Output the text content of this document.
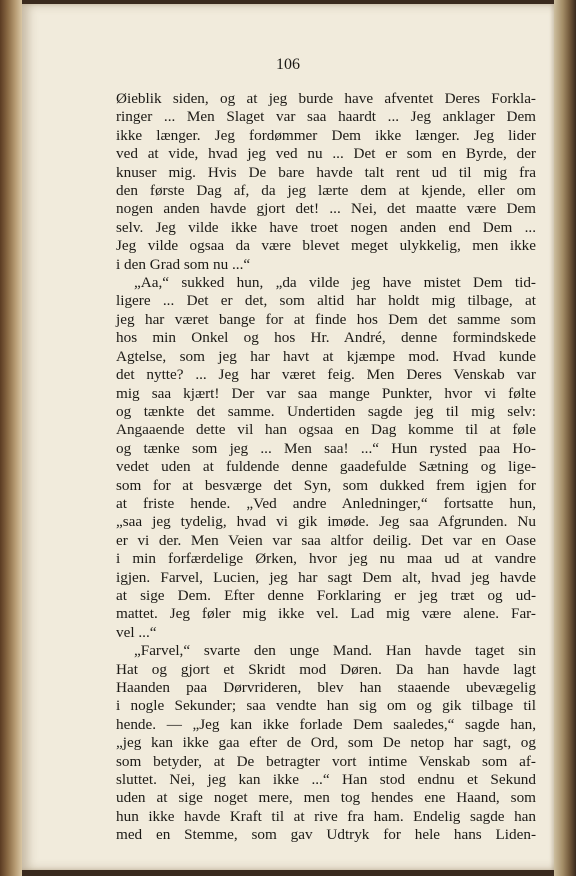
106
Øieblik siden, og at jeg burde have afventet Deres Forkla-
ringer ... Men Slaget var saa haardt ... Jeg anklager Dem
ikke længer. Jeg fordømmer Dem ikke længer. Jeg lider
ved at vide, hvad jeg ved nu ... Det er som en Byrde, der
knuser mig. Hvis De bare havde talt rent ud til mig fra
den første Dag af, da jeg lærte dem at kjende, eller om
nogen anden havde gjort det! ... Nei, det maatte være Dem
selv. Jeg vilde ikke have troet nogen anden end Dem ...
Jeg vilde ogsaa da være blevet meget ulykkelig, men ikke
i den Grad som nu ...“
„Aa,“ sukked hun, „da vilde jeg have mistet Dem tid-
ligere ... Det er det, som altid har holdt mig tilbage, at
jeg har været bange for at finde hos Dem det samme som
hos min Onkel og hos Hr. André, denne formindskede
Agtelse, som jeg har havt at kjæmpe mod. Hvad kunde
det nytte? ... Jeg har været feig. Men Deres Venskab var
mig saa kjært! Der var saa mange Punkter, hvor vi følte
og tænkte det samme. Undertiden sagde jeg til mig selv:
Angaaende dette vil han ogsaa en Dag komme til at føle
og tænke som jeg ... Men saa! ...“ Hun rysted paa Ho-
vedet uden at fuldende denne gaadefulde Sætning og lige-
som for at besværge det Syn, som dukked frem igjen for
at friste hende. „Ved andre Anledninger,“ fortsatte hun,
„saa jeg tydelig, hvad vi gik imøde. Jeg saa Afgrunden. Nu
er vi der. Men Veien var saa altfor deilig. Det var en Oase
i min forfærdelige Ørken, hvor jeg nu maa ud at vandre
igjen. Farvel, Lucien, jeg har sagt Dem alt, hvad jeg havde
at sige Dem. Efter denne Forklaring er jeg træt og ud-
mattet. Jeg føler mig ikke vel. Lad mig være alene. Far-
vel ...“
„Farvel,“ svarte den unge Mand. Han havde taget sin
Hat og gjort et Skridt mod Døren. Da han havde lagt
Haanden paa Dørvrideren, blev han staaende ubevægelig
i nogle Sekunder; saa vendte han sig om og gik tilbage til
hende. — „Jeg kan ikke forlade Dem saaledes,“ sagde han,
„jeg kan ikke gaa efter de Ord, som De netop har sagt, og
som betyder, at De betragter vort intime Venskab som af-
sluttet. Nei, jeg kan ikke ...“ Han stod endnu et Sekund
uden at sige noget mere, men tog hendes ene Haand, som
hun ikke havde Kraft til at rive fra ham. Endelig sagde han
med en Stemme, som gav Udtryk for hele hans Liden-
